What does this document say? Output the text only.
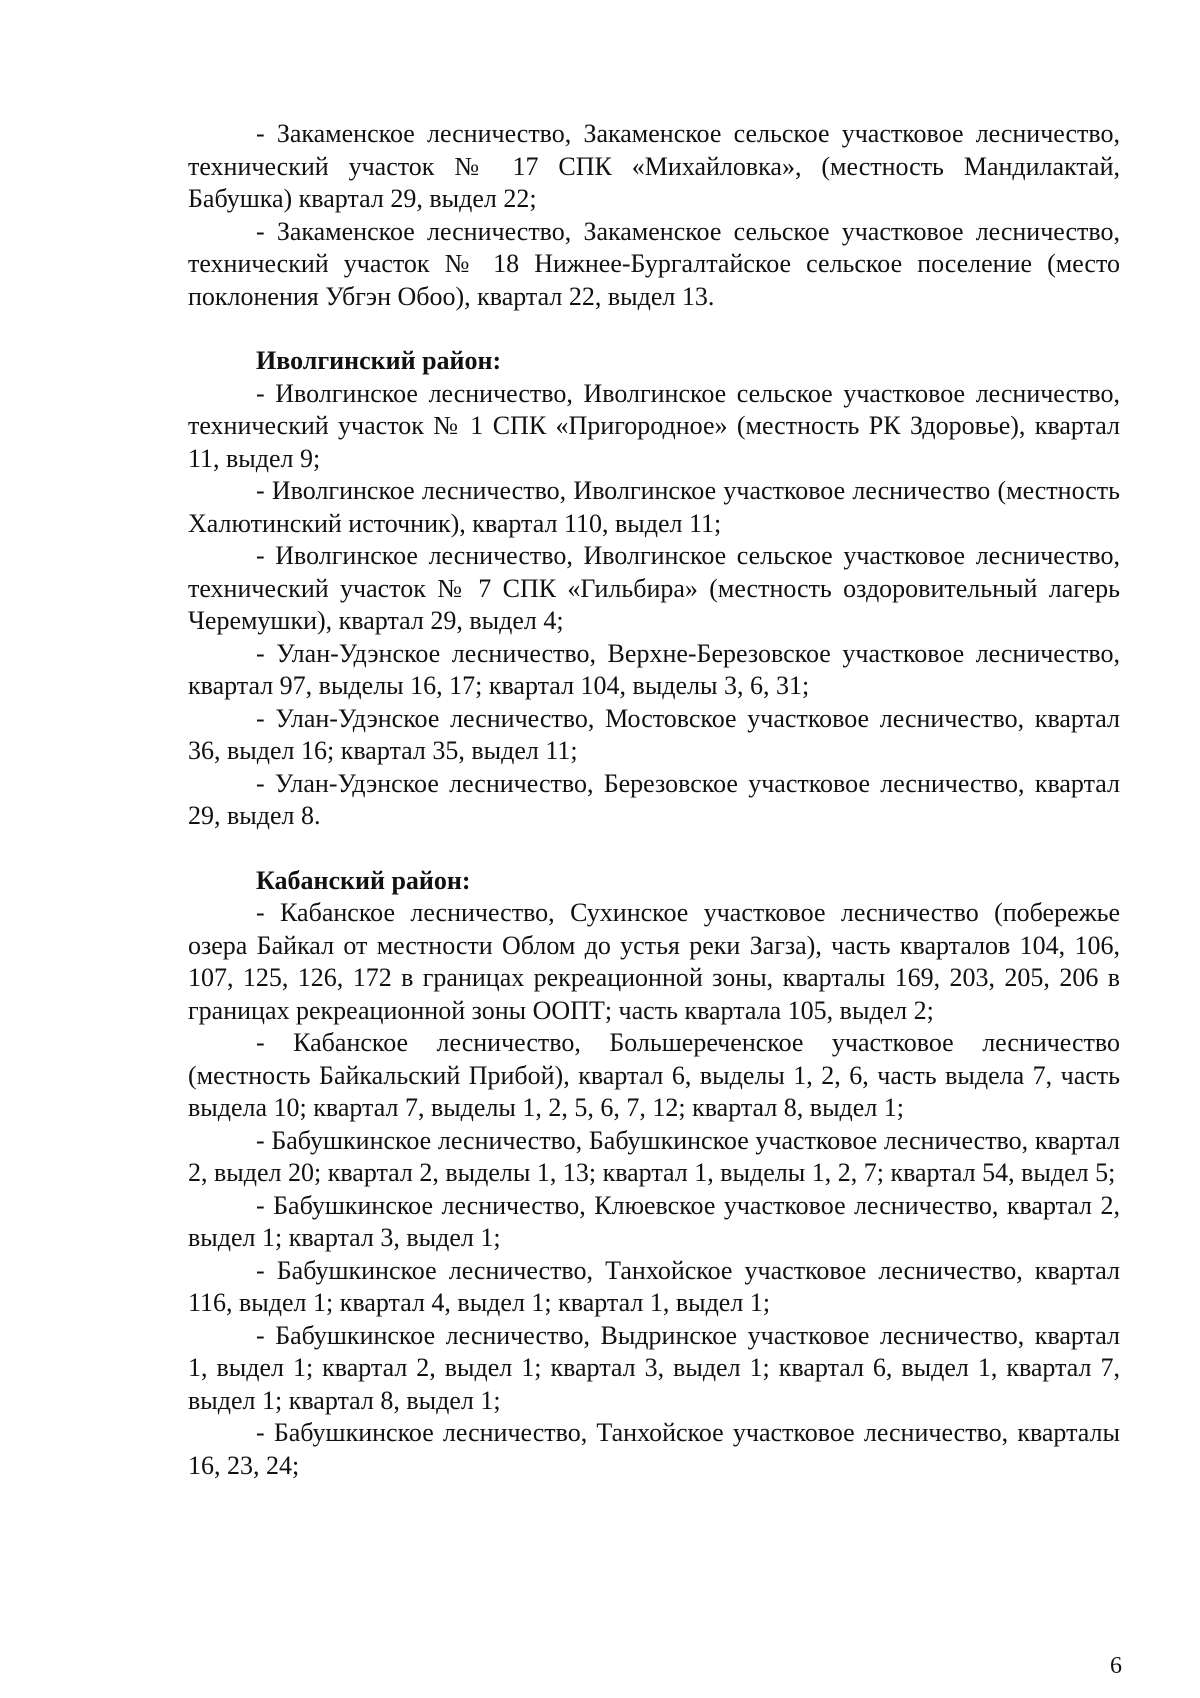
- Закаменское лесничество, Закаменское сельское участковое лесничество, технический участок № 17 СПК «Михайловка», (местность Мандилактай, Бабушка) квартал 29, выдел 22;

- Закаменское лесничество, Закаменское сельское участковое лесничество, технический участок № 18 Нижнее-Бургалтайское сельское поселение (место поклонения Убгэн Обоо), квартал 22, выдел 13.

Иволгинский район:

- Иволгинское лесничество, Иволгинское сельское участковое лесничество, технический участок № 1 СПК «Пригородное» (местность РК Здоровье), квартал 11, выдел 9;

- Иволгинское лесничество, Иволгинское участковое лесничество (местность Халютинский источник), квартал 110, выдел 11;

- Иволгинское лесничество, Иволгинское сельское участковое лесничество, технический участок № 7 СПК «Гильбира» (местность оздоровительный лагерь Черемушки), квартал 29, выдел 4;

- Улан-Удэнское лесничество, Верхне-Березовское участковое лесничество, квартал 97, выделы 16, 17; квартал 104, выделы 3, 6, 31;

- Улан-Удэнское лесничество, Мостовское участковое лесничество, квартал 36, выдел 16; квартал 35, выдел 11;

- Улан-Удэнское лесничество, Березовское участковое лесничество, квартал 29, выдел 8.

Кабанский район:

- Кабанское лесничество, Сухинское участковое лесничество (побережье озера Байкал от местности Облом до устья реки Загза), часть кварталов 104, 106, 107, 125, 126, 172 в границах рекреационной зоны, кварталы 169, 203, 205, 206 в границах рекреационной зоны ООПТ; часть квартала 105, выдел 2;

- Кабанское лесничество, Большереченское участковое лесничество (местность Байкальский Прибой), квартал 6, выделы 1, 2, 6, часть выдела 7, часть выдела 10; квартал 7, выделы 1, 2, 5, 6, 7, 12; квартал 8, выдел 1;

- Бабушкинское лесничество, Бабушкинское участковое лесничество, квартал 2, выдел 20; квартал 2, выделы 1, 13; квартал 1, выделы 1, 2, 7; квартал 54, выдел 5;

- Бабушкинское лесничество, Клюевское участковое лесничество, квартал 2, выдел 1; квартал 3, выдел 1;

- Бабушкинское лесничество, Танхойское участковое лесничество, квартал 116, выдел 1; квартал 4, выдел 1; квартал 1, выдел 1;

- Бабушкинское лесничество, Выдринское участковое лесничество, квартал 1, выдел 1; квартал 2, выдел 1; квартал 3, выдел 1; квартал 6, выдел 1, квартал 7, выдел 1; квартал 8, выдел 1;

- Бабушкинское лесничество, Танхойское участковое лесничество, кварталы 16, 23, 24;

6
